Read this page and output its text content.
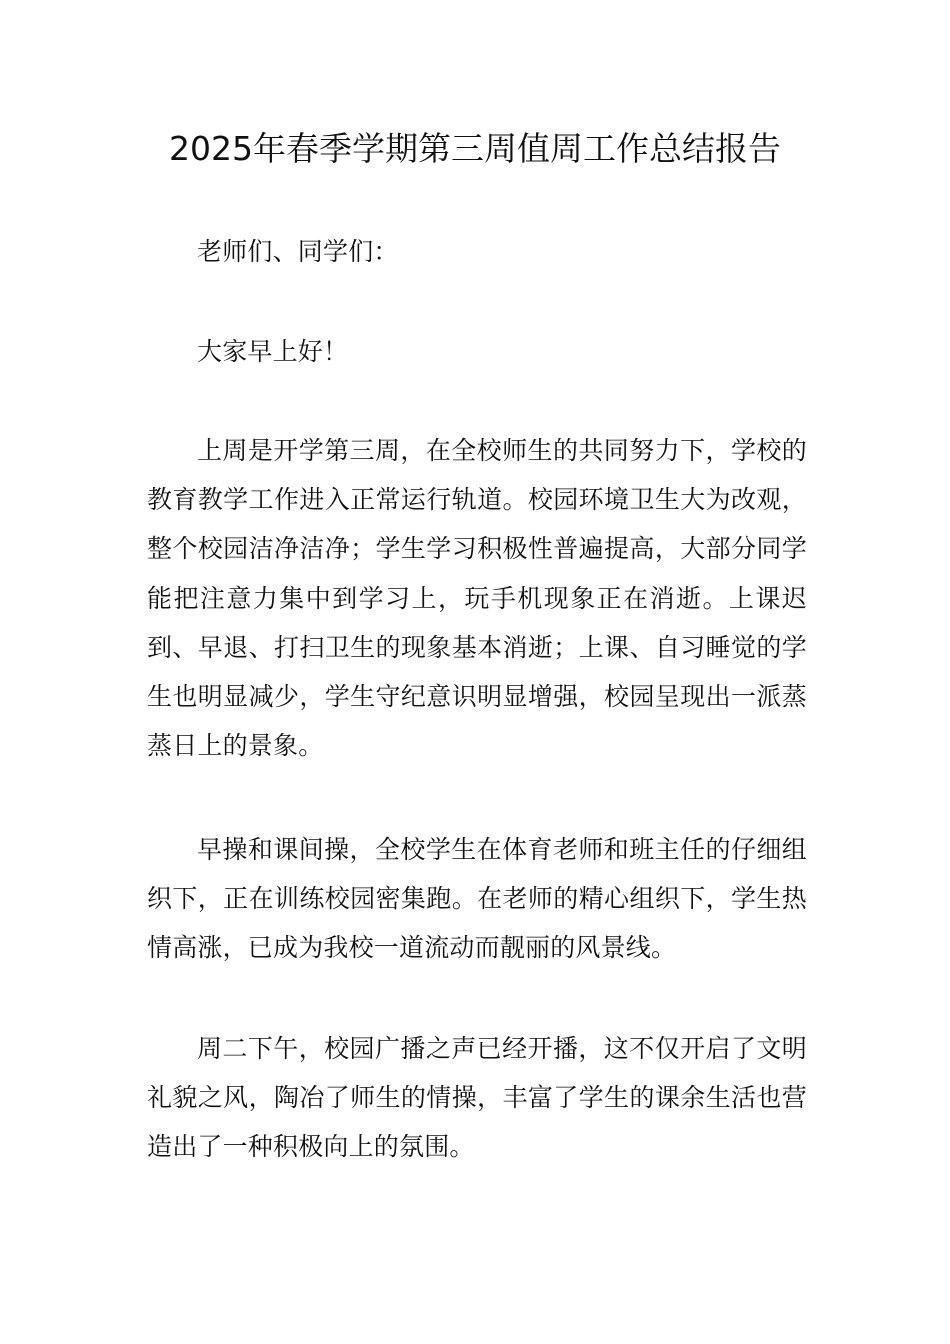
2025年春季学期第三周值周工作总结报告

老师们、同学们：

大家早上好！

上周是开学第三周，在全校师生的共同努力下，学校的教育教学工作进入正常运行轨道。校园环境卫生大为改观，整个校园洁净洁净；学生学习积极性普遍提高，大部分同学能把注意力集中到学习上，玩手机现象正在消逝。上课迟到、早退、打扫卫生的现象基本消逝；上课、自习睡觉的学生也明显减少，学生守纪意识明显增强，校园呈现出一派蒸蒸日上的景象。

早操和课间操，全校学生在体育老师和班主任的仔细组织下，正在训练校园密集跑。在老师的精心组织下，学生热情高涨，已成为我校一道流动而靓丽的风景线。

周二下午，校园广播之声已经开播，这不仅开启了文明礼貌之风，陶冶了师生的情操，丰富了学生的课余生活也营造出了一种积极向上的氛围。
